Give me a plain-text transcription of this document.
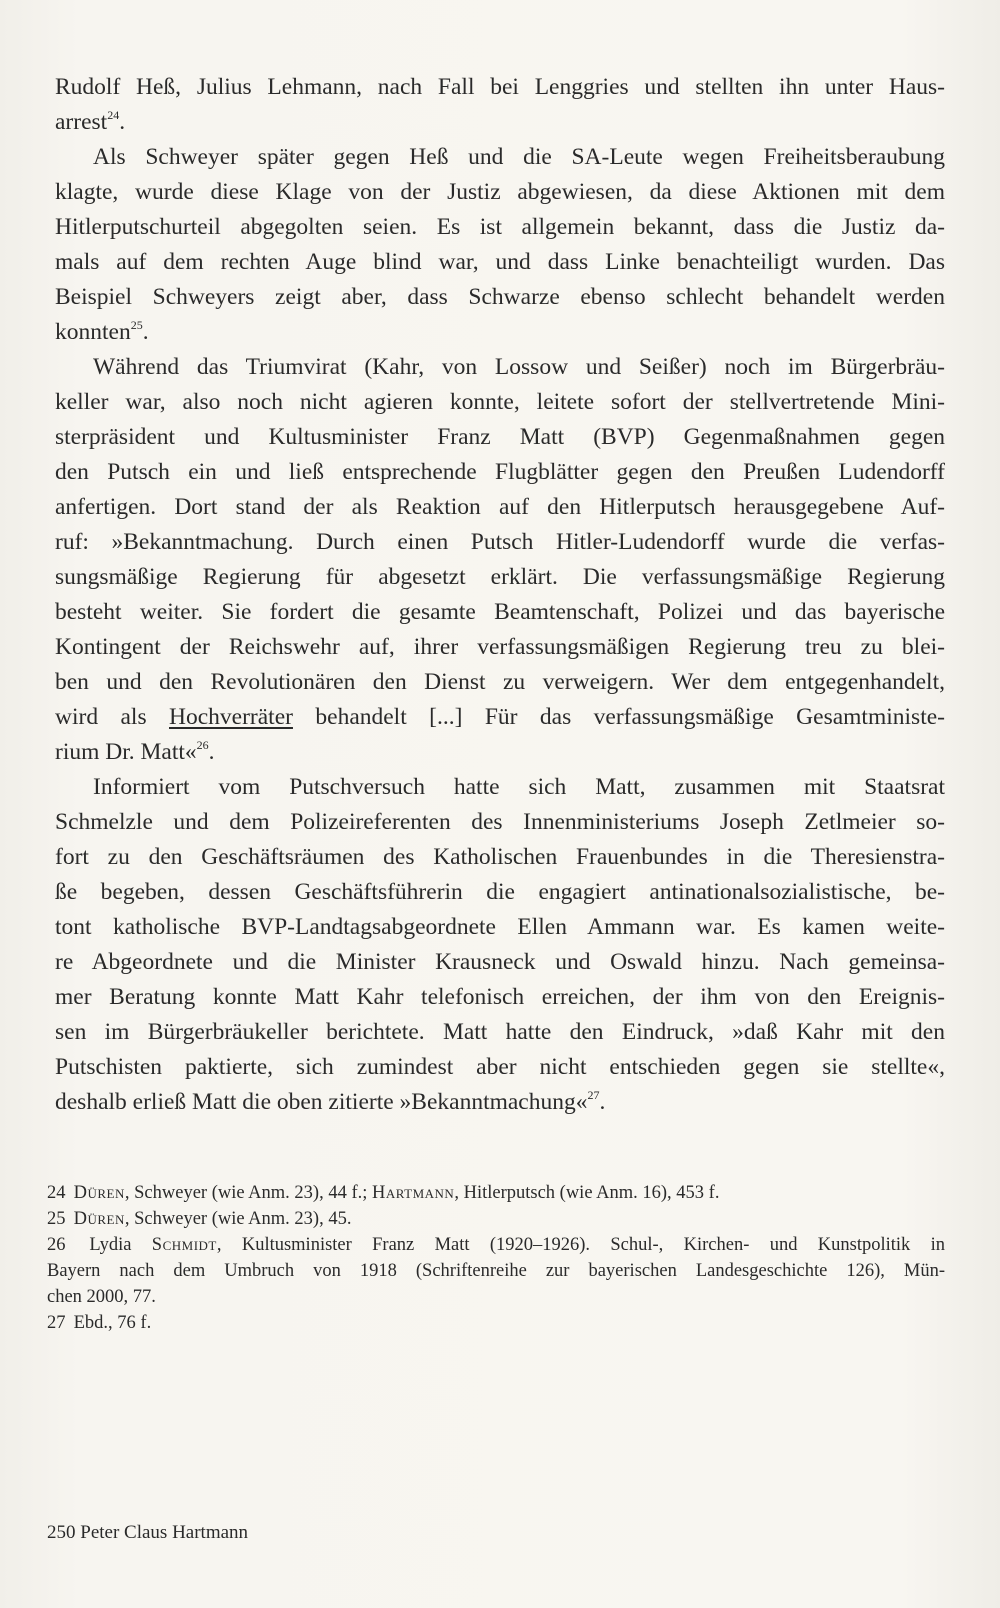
Rudolf Heß, Julius Lehmann, nach Fall bei Lenggries und stellten ihn unter Haus-
arrest$^{24}$.
Als Schweyer später gegen Heß und die SA-Leute wegen Freiheitsberaubung
klagte, wurde diese Klage von der Justiz abgewiesen, da diese Aktionen mit dem
Hitlerputschurteil abgegolten seien. Es ist allgemein bekannt, dass die Justiz da-
mals auf dem rechten Auge blind war, und dass Linke benachteiligt wurden. Das
Beispiel Schweyers zeigt aber, dass Schwarze ebenso schlecht behandelt werden
konnten$^{25}$.
Während das Triumvirat (Kahr, von Lossow und Seißer) noch im Bürgerbräu-
keller war, also noch nicht agieren konnte, leitete sofort der stellvertretende Mini-
sterpräsident und Kultusminister Franz Matt (BVP) Gegenmaßnahmen gegen
den Putsch ein und ließ entsprechende Flugblätter gegen den Preußen Ludendorff
anfertigen. Dort stand der als Reaktion auf den Hitlerputsch herausgegebene Auf-
ruf: »Bekanntmachung. Durch einen Putsch Hitler-Ludendorff wurde die verfas-
sungsmäßige Regierung für abgesetzt erklärt. Die verfassungsmäßige Regierung
besteht weiter. Sie fordert die gesamte Beamtenschaft, Polizei und das bayerische
Kontingent der Reichswehr auf, ihrer verfassungsmäßigen Regierung treu zu blei-
ben und den Revolutionären den Dienst zu verweigern. Wer dem entgegenhandelt,
wird als Hochverräter behandelt [...] Für das verfassungsmäßige Gesamtministe-
rium Dr. Matt«$^{26}$.
Informiert vom Putschversuch hatte sich Matt, zusammen mit Staatsrat
Schmelzle und dem Polizeireferenten des Innenministeriums Joseph Zetlmeier so-
fort zu den Geschäftsräumen des Katholischen Frauenbundes in die Theresienstra-
ße begeben, dessen Geschäftsführerin die engagiert antinationalsozialistische, be-
tont katholische BVP-Landtagsabgeordnete Ellen Ammann war. Es kamen weite-
re Abgeordnete und die Minister Krausneck und Oswald hinzu. Nach gemeinsa-
mer Beratung konnte Matt Kahr telefonisch erreichen, der ihm von den Ereignis-
sen im Bürgerbräukeller berichtete. Matt hatte den Eindruck, »daß Kahr mit den
Putschisten paktierte, sich zumindest aber nicht entschieden gegen sie stellte«,
deshalb erließ Matt die oben zitierte »Bekanntmachung«$^{27}$.
24 Düren, Schweyer (wie Anm. 23), 44 f.; Hartmann, Hitlerputsch (wie Anm. 16), 453 f.
25 Düren, Schweyer (wie Anm. 23), 45.
26 Lydia Schmidt, Kultusminister Franz Matt (1920–1926). Schul-, Kirchen- und Kunstpolitik in
Bayern nach dem Umbruch von 1918 (Schriftenreihe zur bayerischen Landesgeschichte 126), Mün-
chen 2000, 77.
27 Ebd., 76 f.
250 Peter Claus Hartmann
